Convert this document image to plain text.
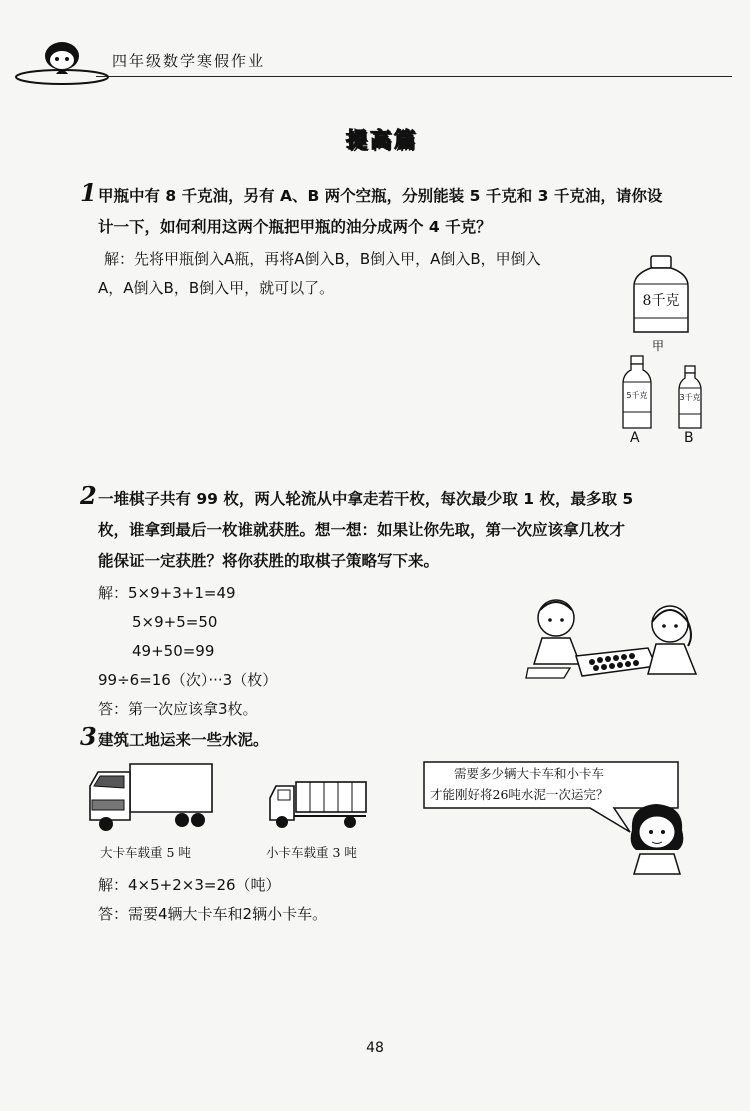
四年级数学寒假作业
提高篇
1 甲瓶中有 8 千克油，另有 A、B 两个空瓶，分别能装 5 千克和 3 千克油，请你设
计一下，如何利用这两个瓶把甲瓶的油分成两个 4 千克？
解：先将甲瓶倒入A瓶，再将A倒入B，B倒入甲，A倒入B，甲倒入
A，A倒入B，B倒入甲，就可以了。
8千克
甲
5千克
A
3千克
B
2 一堆棋子共有 99 枚，两人轮流从中拿走若干枚，每次最少取 1 枚，最多取 5
枚，谁拿到最后一枚谁就获胜。想一想：如果让你先取，第一次应该拿几枚才
能保证一定获胜？将你获胜的取棋子策略写下来。
解：5×9+3+1=49
5×9+5=50
49+50=99
99÷6=16（次）···3（枚）
答：第一次应该拿3枚。
3 建筑工地运来一些水泥。
大卡车载重 5 吨	小卡车载重 3 吨
需要多少辆大卡车和小卡车
才能刚好将26吨水泥一次运完？
解：4×5+2×3=26（吨）
答：需要4辆大卡车和2辆小卡车。
48
